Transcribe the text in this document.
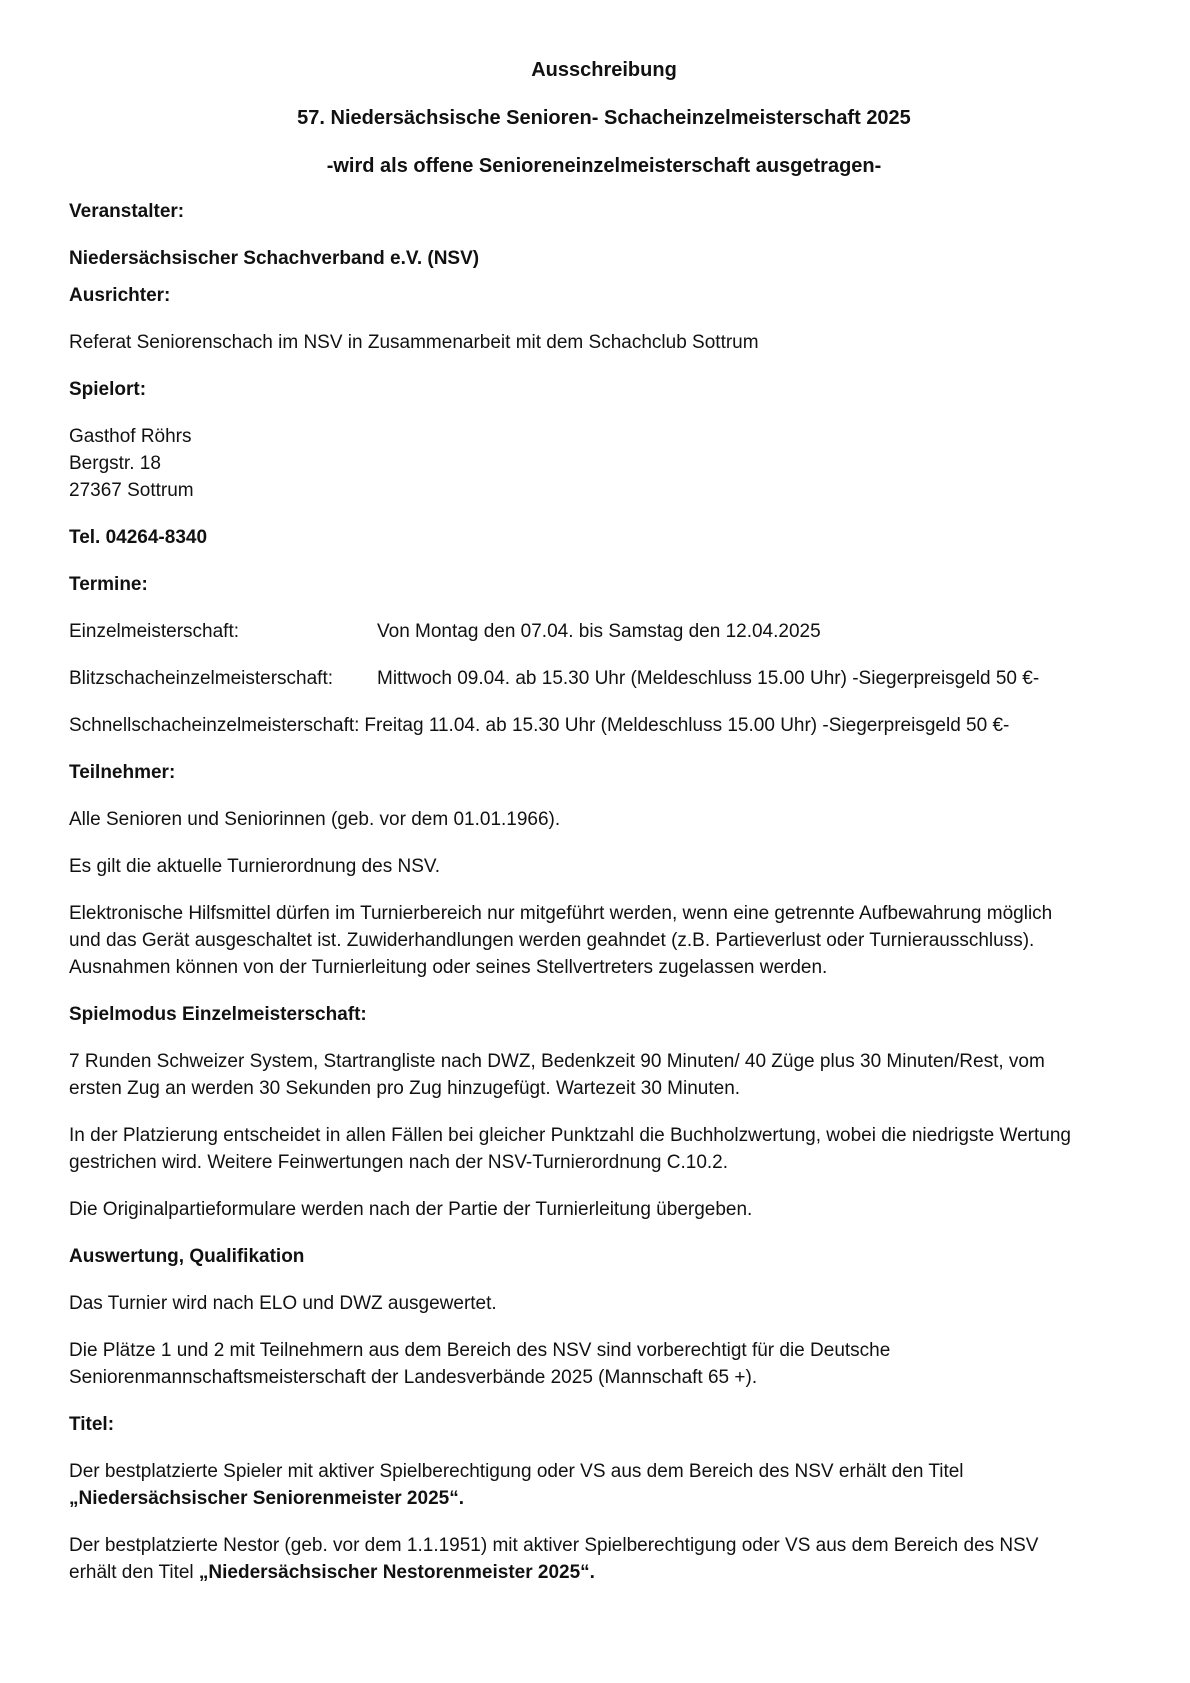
Ausschreibung

57. Niedersächsische Senioren- Schacheinzelmeisterschaft 2025

-wird als offene Senioreneinzelmeisterschaft ausgetragen-

Veranstalter:

Niedersächsischer Schachverband e.V. (NSV)

Ausrichter:

Referat Seniorenschach im NSV in Zusammenarbeit mit dem Schachclub Sottrum

Spielort:

Gasthof Röhrs

Bergstr. 18

27367 Sottrum

Tel. 04264-8340

Termine:

Einzelmeisterschaft:	Von Montag den 07.04. bis Samstag den 12.04.2025
Blitzschacheinzelmeisterschaft:	Mittwoch 09.04. ab 15.30 Uhr (Meldeschluss 15.00 Uhr) -Siegerpreisgeld 50 €-
Schnellschacheinzelmeisterschaft: Freitag 11.04. ab 15.30 Uhr (Meldeschluss 15.00 Uhr) -Siegerpreisgeld 50 €-

Teilnehmer:

Alle Senioren und Seniorinnen (geb. vor dem 01.01.1966).

Es gilt die aktuelle Turnierordnung des NSV.

Elektronische Hilfsmittel dürfen im Turnierbereich nur mitgeführt werden, wenn eine getrennte Aufbewahrung möglich

und das Gerät ausgeschaltet ist. Zuwiderhandlungen werden geahndet (z.B. Partieverlust oder Turnierausschluss).

Ausnahmen können von der Turnierleitung oder seines Stellvertreters zugelassen werden.

Spielmodus Einzelmeisterschaft:

7 Runden Schweizer System, Startrangliste nach DWZ, Bedenkzeit 90 Minuten/ 40 Züge plus 30 Minuten/Rest, vom

ersten Zug an werden 30 Sekunden pro Zug hinzugefügt. Wartezeit 30 Minuten.

In der Platzierung entscheidet in allen Fällen bei gleicher Punktzahl die Buchholzwertung, wobei die niedrigste Wertung

gestrichen wird. Weitere Feinwertungen nach der NSV-Turnierordnung C.10.2.

Die Originalpartieformulare werden nach der Partie der Turnierleitung übergeben.

Auswertung, Qualifikation

Das Turnier wird nach ELO und DWZ ausgewertet.

Die Plätze 1 und 2 mit Teilnehmern aus dem Bereich des NSV sind vorberechtigt für die Deutsche

Seniorenmannschaftsmeisterschaft der Landesverbände 2025 (Mannschaft 65 +).

Titel:

Der bestplatzierte Spieler mit aktiver Spielberechtigung oder VS aus dem Bereich des NSV erhält den Titel

„Niedersächsischer Seniorenmeister 2025“.

Der bestplatzierte Nestor (geb. vor dem 1.1.1951) mit aktiver Spielberechtigung oder VS aus dem Bereich des NSV

erhält den Titel „Niedersächsischer Nestorenmeister 2025“.
